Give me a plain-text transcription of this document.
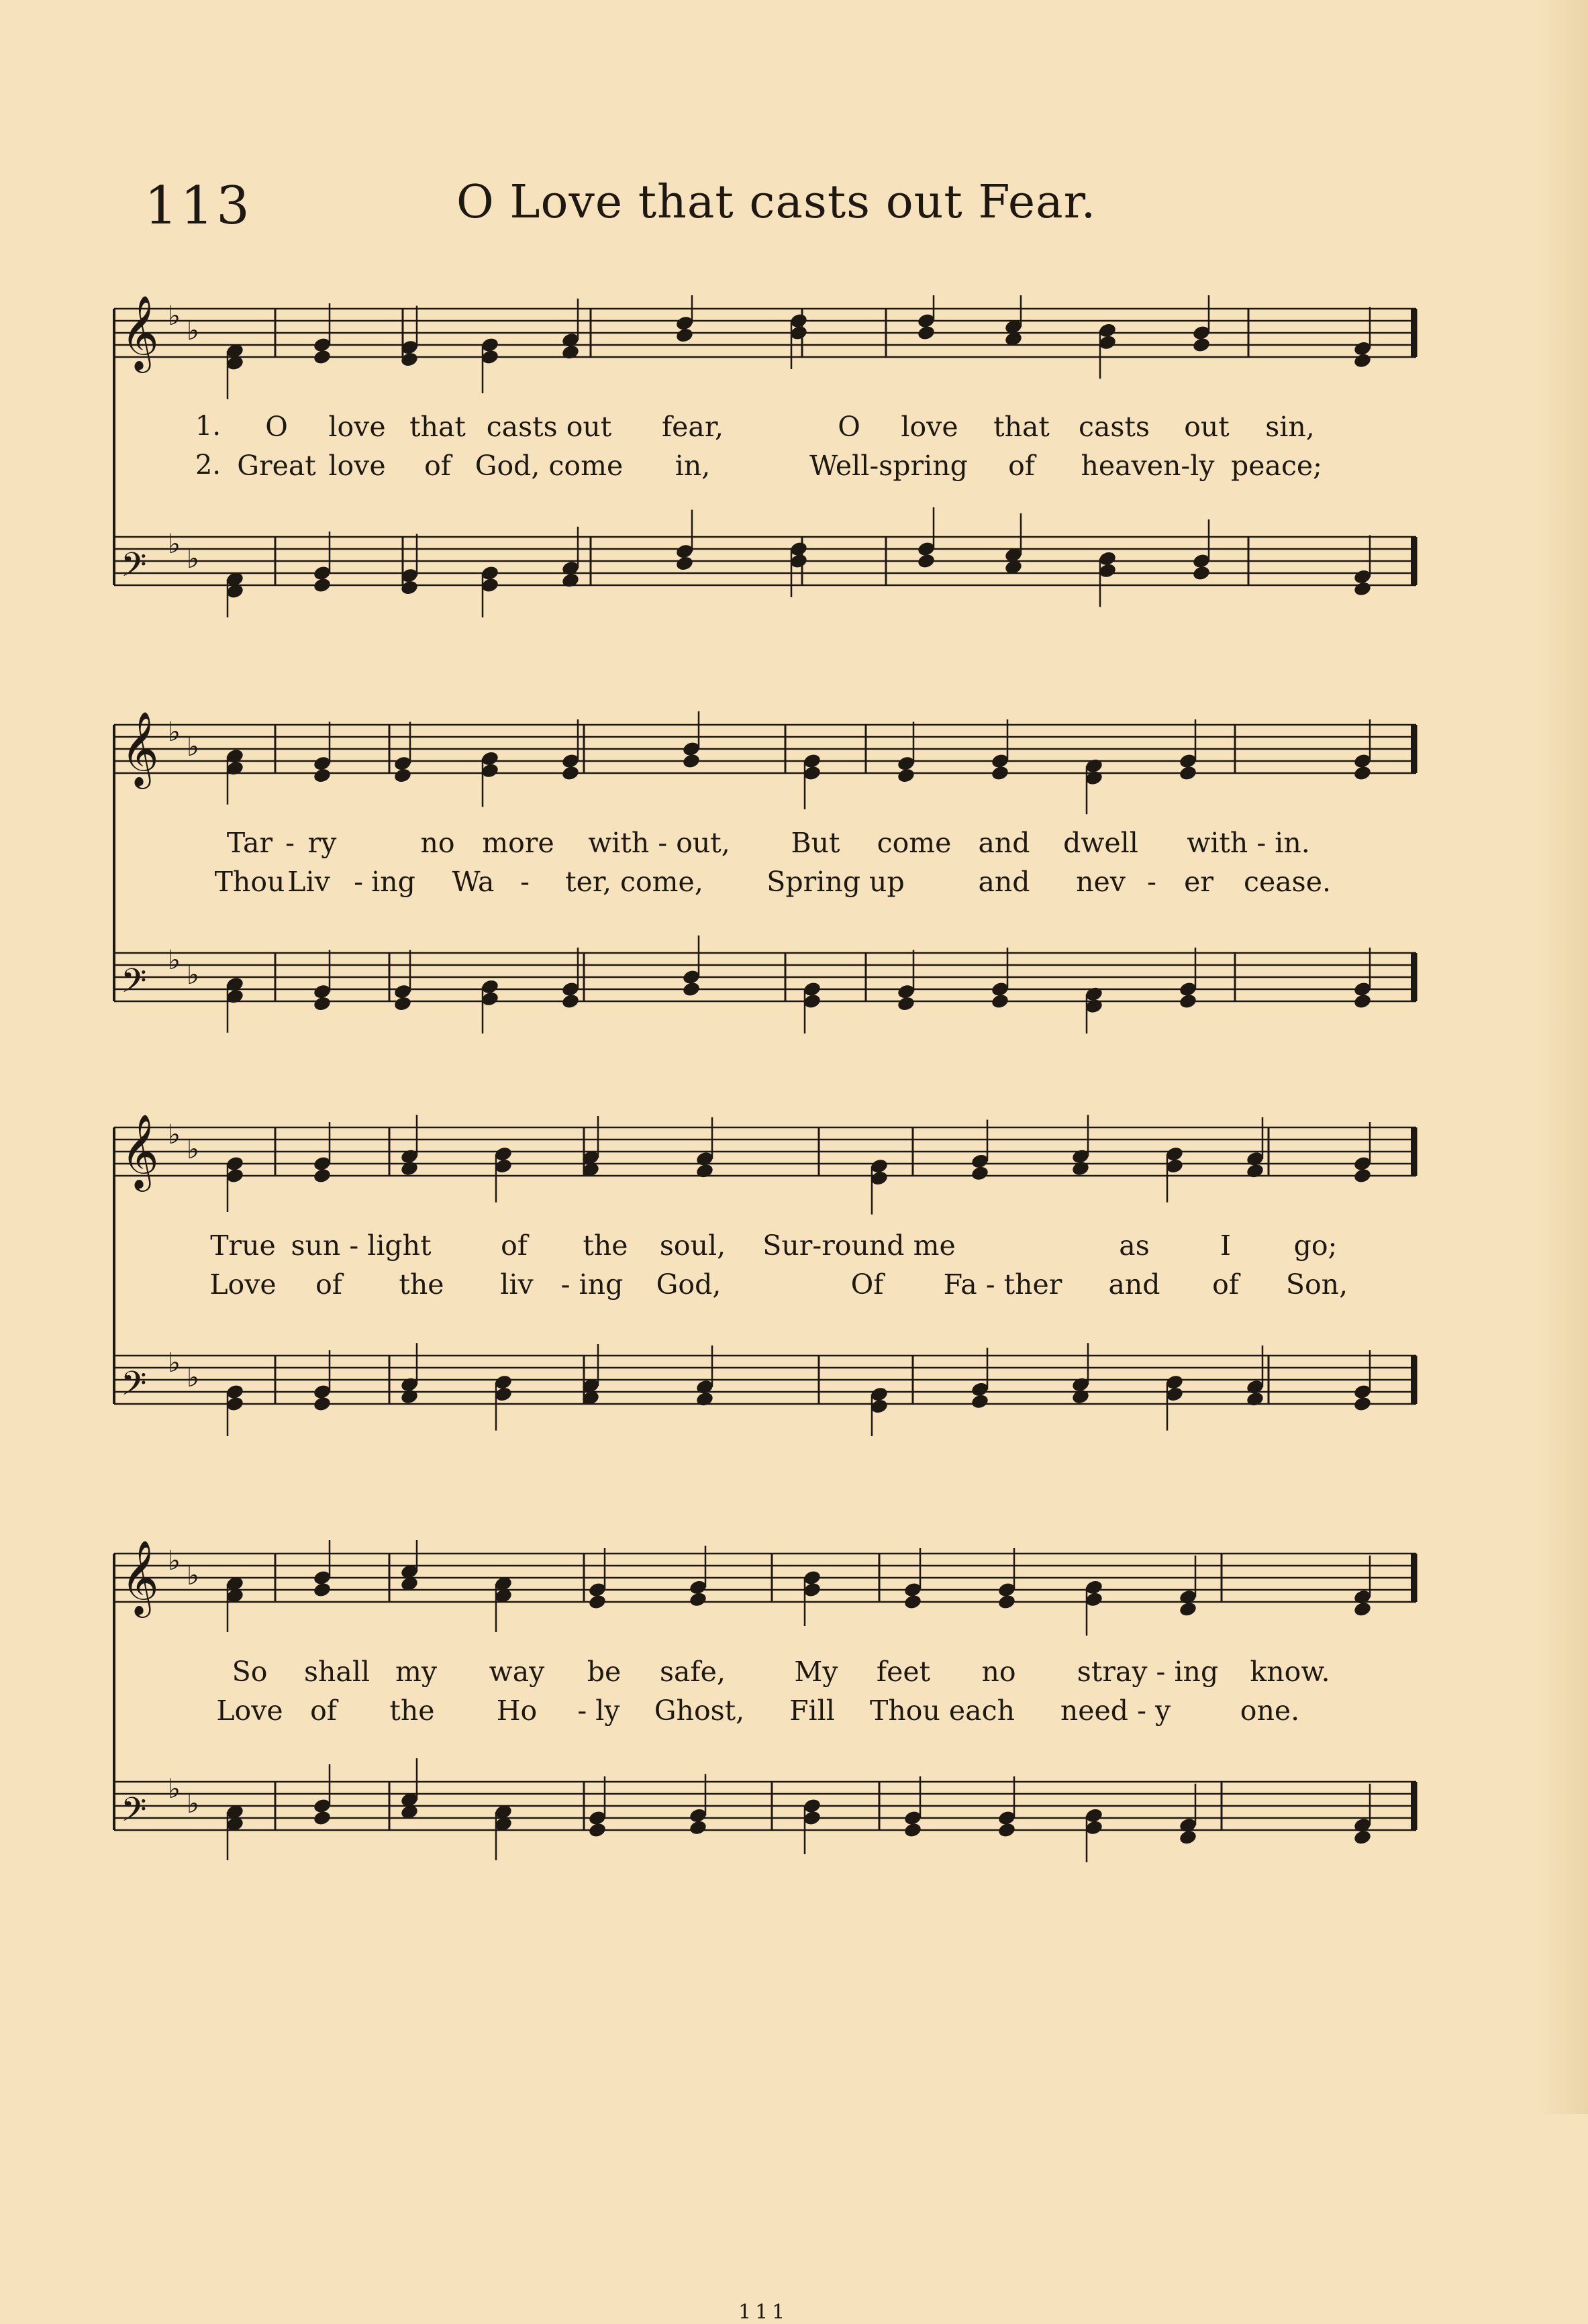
113	O Love that casts out Fear.
𝄞 ♭ ♭
𝄢
♭ ♭
1. O love that casts out fear,	O love that casts out sin,
2. Great love of God, come in,	Well-spring of heaven-ly peace;
𝄞 ♭ ♭
𝄢
♭ ♭
Tar - ry	no more with - out, But come and dwell with - in.
Thou Liv - ing Wa - ter, come, Spring up	and nev - er cease.
𝄞 ♭ ♭
𝄢
♭ ♭
True sun - light	of the soul, Sur-round me	as	I go;
Love of the liv - ing God,	Of Fa - ther and of Son,
𝄞 ♭ ♭
𝄢
♭ ♭
So shall my way be safe, My feet no stray - ing know.
Love of the Ho - ly Ghost, Fill Thou each need - y	one.
111
